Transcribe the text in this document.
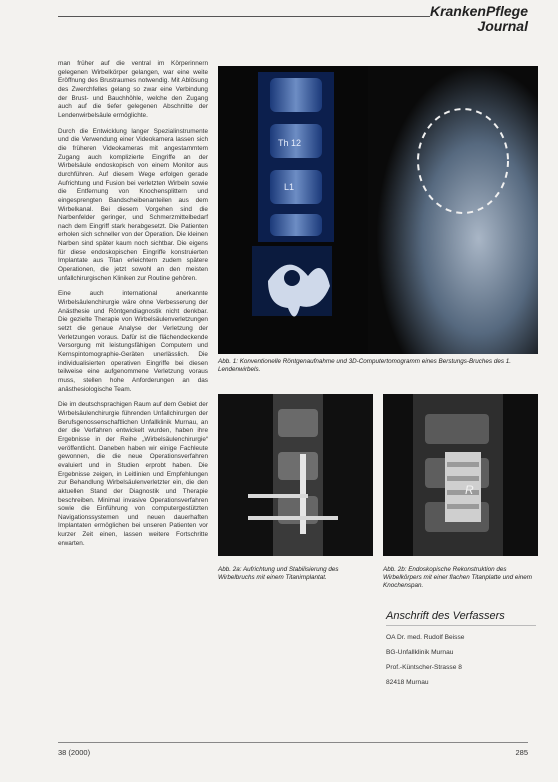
KrankenPflege
Journal

man früher auf die ventral im Körperinnern gelegenen Wirbelkörper gelangen, war eine weite Eröffnung des Brustraumes notwendig. Mit Ablösung des Zwerchfelles gelang so zwar eine Verbindung der Brust- und Bauchhöhle, welche den Zugang auch auf die tiefer gelegenen Abschnitte der Lendenwirbelsäule ermöglichte.

Durch die Entwicklung langer Spezialinstrumente und die Verwendung einer Videokamera lassen sich die früheren Videokameras mit angestammtem Zugang auch komplizierte Eingriffe an der Wirbelsäule endoskopisch von einem Monitor aus durchführen. Auf diesem Wege erfolgen gerade Aufrichtung und Fusion bei verletzten Wirbeln sowie die Entfernung von Knochensplittern und eingesprengten Bandscheibenanteilen aus dem Wirbelkanal. Bei diesem Vorgehen sind die Narbenfelder geringer, und Schmerzmittelbedarf nach dem Eingriff stark herabgesetzt. Die Patienten erholen sich schneller von der Operation. Die kleinen Narben sind später kaum noch sichtbar. Die eigens für diese endoskopischen Eingriffe konstruierten Implantate aus Titan erleichtern zudem spätere Operationen, die jetzt sowohl an den meisten unfallchirurgischen Kliniken zur Routine gehören.

Eine auch international anerkannte Wirbelsäulenchirurgie wäre ohne Verbesserung der Anästhesie und Röntgendiagnostik nicht denkbar. Die gezielte Therapie von Wirbelsäulenverletzungen setzt die genaue Analyse der Verletzung der Verletzungen voraus. Dafür ist die flächendeckende Versorgung mit leistungsfähigen Computern und Kernspintomographie-Geräten unerlässlich. Die individualisierten operativen Eingriffe bei diesen teilweise eine aufgenommene Verletzung voraus muss, stellen hohe Anforderungen an das anästhesiologische Team.

Die im deutschsprachigen Raum auf dem Gebiet der Wirbelsäulenchirurgie führenden Unfallchirurgen der Berufsgenossenschaftlichen Unfallklinik Murnau, an der die Verfahren entwickelt wurden, haben ihre Ergebnisse in der Reihe „Wirbelsäulenchirurgie“ veröffentlicht. Daneben haben wir einige Fachleute gewonnen, die die neue Operationsverfahren evaluiert und in Studien erprobt haben. Die Ergebnisse zeigen, in Leitlinien und Empfehlungen zur Behandlung Wirbelsäulenverletzter ein, die den aktuellen Stand der Diagnostik und Therapie beschreiben. Minimal invasive Operationsverfahren sowie die Einführung von computergestützten Navigationssystemen und neuen dauerhaften Implantaten ermöglichen bei unseren Patienten vor kurzer Zeit einen, lassen weitere Fortschritte erwarten.

Th 12
L1
Abb. 1: Konventionelle Röntgenaufnahme und 3D-Computertomogramm eines Berstungs-Bruches des 1. Lendenwirbels.
Abb. 2a: Aufrichtung und Stabilisierung des Wirbelbruchs mit einem Titanimplantat.
R
Abb. 2b: Endoskopische Rekonstruktion des Wirbelkörpers mit einer flachen Titanplatte und einem Knochenspan.
Anschrift des Verfassers
OA Dr. med. Rudolf Beisse
BG-Unfallklinik Murnau
Prof.-Küntscher-Strasse 8
82418 Murnau
38 (2000)	285
